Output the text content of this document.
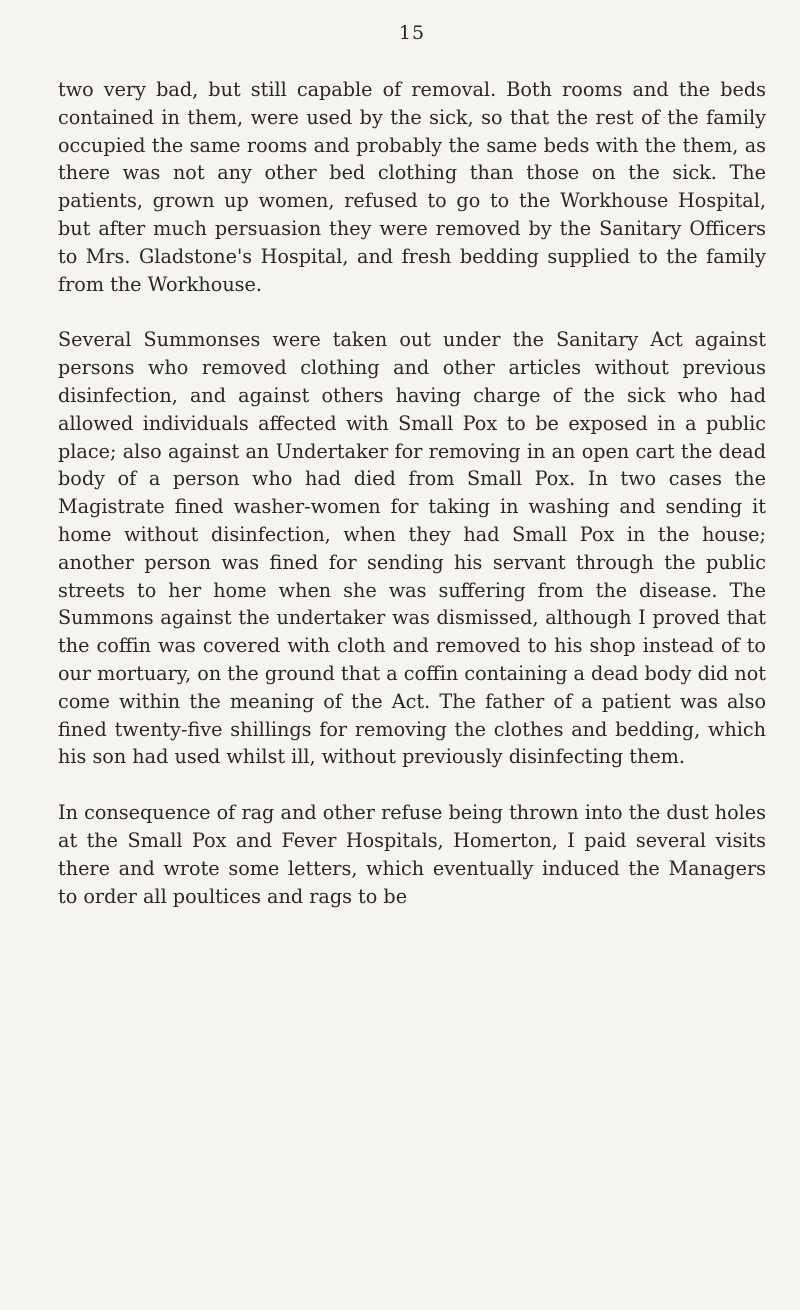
15

two very bad, but still capable of removal. Both rooms and the beds contained in them, were used by the sick, so that the rest of the family occupied the same rooms and probably the same beds with the them, as there was not any other bed clothing than those on the sick. The patients, grown up women, refused to go to the Workhouse Hospital, but after much persuasion they were removed by the Sanitary Officers to Mrs. Gladstone's Hospital, and fresh bedding supplied to the family from the Workhouse.

Several Summonses were taken out under the Sanitary Act against persons who removed clothing and other articles without previous disinfection, and against others having charge of the sick who had allowed individuals affected with Small Pox to be exposed in a public place; also against an Undertaker for removing in an open cart the dead body of a person who had died from Small Pox. In two cases the Magistrate fined washer-women for taking in washing and sending it home without disinfection, when they had Small Pox in the house; another person was fined for sending his servant through the public streets to her home when she was suffering from the disease. The Summons against the undertaker was dismissed, although I proved that the coffin was covered with cloth and removed to his shop instead of to our mortuary, on the ground that a coffin containing a dead body did not come within the meaning of the Act. The father of a patient was also fined twenty-five shillings for removing the clothes and bedding, which his son had used whilst ill, without previously disinfecting them.

In consequence of rag and other refuse being thrown into the dust holes at the Small Pox and Fever Hospitals, Homerton, I paid several visits there and wrote some letters, which eventually induced the Managers to order all poultices and rags to be
